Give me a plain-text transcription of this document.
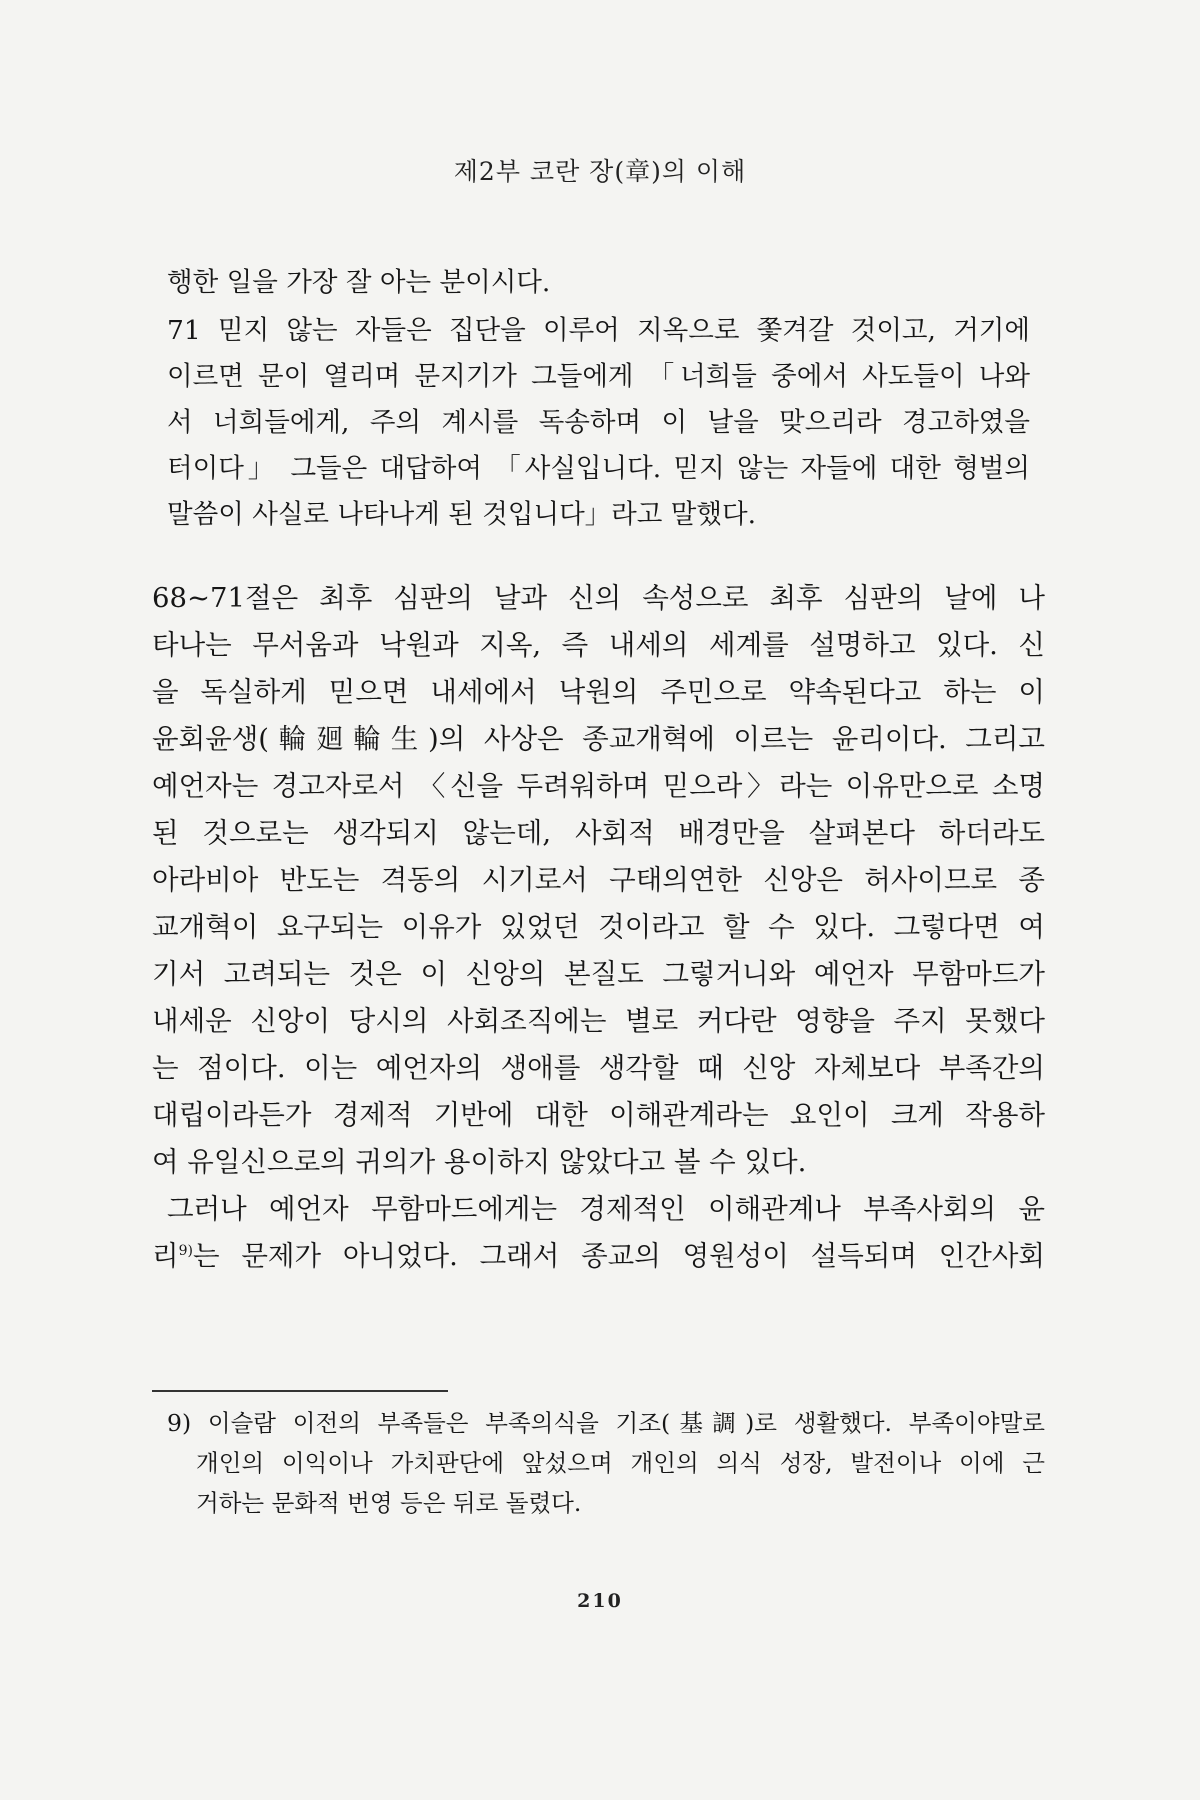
제2부 코란 장(章)의 이해
행한 일을 가장 잘 아는 분이시다.
71 믿지 않는 자들은 집단을 이루어 지옥으로 쫓겨갈 것이고, 거기에
이르면 문이 열리며 문지기가 그들에게 「너희들 중에서 사도들이 나와
서 너희들에게, 주의 계시를 독송하며 이 날을 맞으리라 경고하였을
터이다」 그들은 대답하여 「사실입니다. 믿지 않는 자들에 대한 형벌의
말씀이 사실로 나타나게 된 것입니다」라고 말했다.
68~71절은 최후 심판의 날과 신의 속성으로 최후 심판의 날에 나
타나는 무서움과 낙원과 지옥, 즉 내세의 세계를 설명하고 있다. 신
을 독실하게 믿으면 내세에서 낙원의 주민으로 약속된다고 하는 이
윤회윤생(輪廻輪生)의 사상은 종교개혁에 이르는 윤리이다. 그리고
예언자는 경고자로서 〈신을 두려워하며 믿으라〉라는 이유만으로 소명
된 것으로는 생각되지 않는데, 사회적 배경만을 살펴본다 하더라도
아라비아 반도는 격동의 시기로서 구태의연한 신앙은 허사이므로 종
교개혁이 요구되는 이유가 있었던 것이라고 할 수 있다. 그렇다면 여
기서 고려되는 것은 이 신앙의 본질도 그렇거니와 예언자 무함마드가
내세운 신앙이 당시의 사회조직에는 별로 커다란 영향을 주지 못했다
는 점이다. 이는 예언자의 생애를 생각할 때 신앙 자체보다 부족간의
대립이라든가 경제적 기반에 대한 이해관계라는 요인이 크게 작용하
여 유일신으로의 귀의가 용이하지 않았다고 볼 수 있다.
그러나 예언자 무함마드에게는 경제적인 이해관계나 부족사회의 윤
리$^{9)}$는 문제가 아니었다. 그래서 종교의 영원성이 설득되며 인간사회
9) 이슬람 이전의 부족들은 부족의식을 기조(基調)로 생활했다. 부족이야말로
개인의 이익이나 가치판단에 앞섰으며 개인의 의식 성장, 발전이나 이에 근
거하는 문화적 번영 등은 뒤로 돌렸다.
210
